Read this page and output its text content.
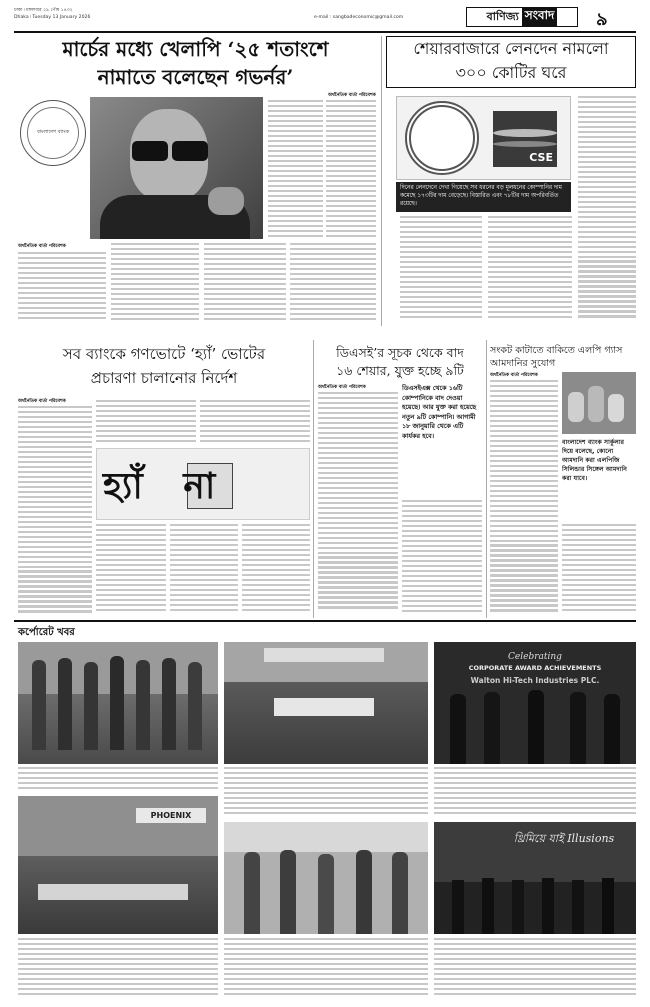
ঢাকা ৷ মঙ্গলবার ২৯ পৌষ ১৪৩২
Dhaka ৷ Tuesday 13 January 2026	e-mail : sangbadeconomic@gmail.com	বাণিজ্য সংবাদ ৯
মার্চের মধ্যে খেলাপি ‘২৫ শতাংশে
নামাতে বলেছেন গভর্নর’
বাংলাদেশ ব্যাংক
অর্থনৈতিক বার্তা পরিবেশক
শেয়ারবাজারে লেনদেন নামলো
৩০০ কোটির ঘরে
অর্থনৈতিক বার্তা পরিবেশক
CSE
দিনের লেনদেনে দেখা গিয়েছে সব ধরনের বড় মূলধনের কোম্পানির দাম কমেছে ১৭৩টির দাম বেড়েছে। বিস্তারিত এবং ৭৮টির দাম অপরিবর্তিত রয়েছে।
সব ব্যাংকে গণভোটে ‘হ্যাঁ’ ভোটের
প্রচারণা চালানোর নির্দেশ
অর্থনৈতিক বার্তা পরিবেশক
হ্যাঁ না
ডিএসই’র সূচক থেকে বাদ
১৬ শেয়ার, যুক্ত হচ্ছে ৯টি
অর্থনৈতিক বার্তা পরিবেশক	ডিএসইএক্স থেকে ১৬টি কোম্পানিকে বাদ দেওয়া হয়েছে। আর যুক্ত করা হয়েছে নতুন ৯টি কোম্পানি। আগামী ১৮ জানুয়ারি থেকে এটি কার্যকর হবে।
সংকট কাটাতে বাকিতে এলপি গ্যাস আমদানির সুযোগ
অর্থনৈতিক বার্তা পরিবেশক
বাংলাদেশ ব্যাংক সার্কুলার দিয়ে বলেছে, কোনো আমদানি করা এলপিজি সিলিন্ডার সিঙ্গেল আমদানি করা যাবে।
কর্পোরেট খবর
Celebrating
CORPORATE AWARD ACHIEVEMENTS
Walton Hi-Tech Industries PLC.
PHOENIX
থ্রিমিয়ে যাই Illusions
